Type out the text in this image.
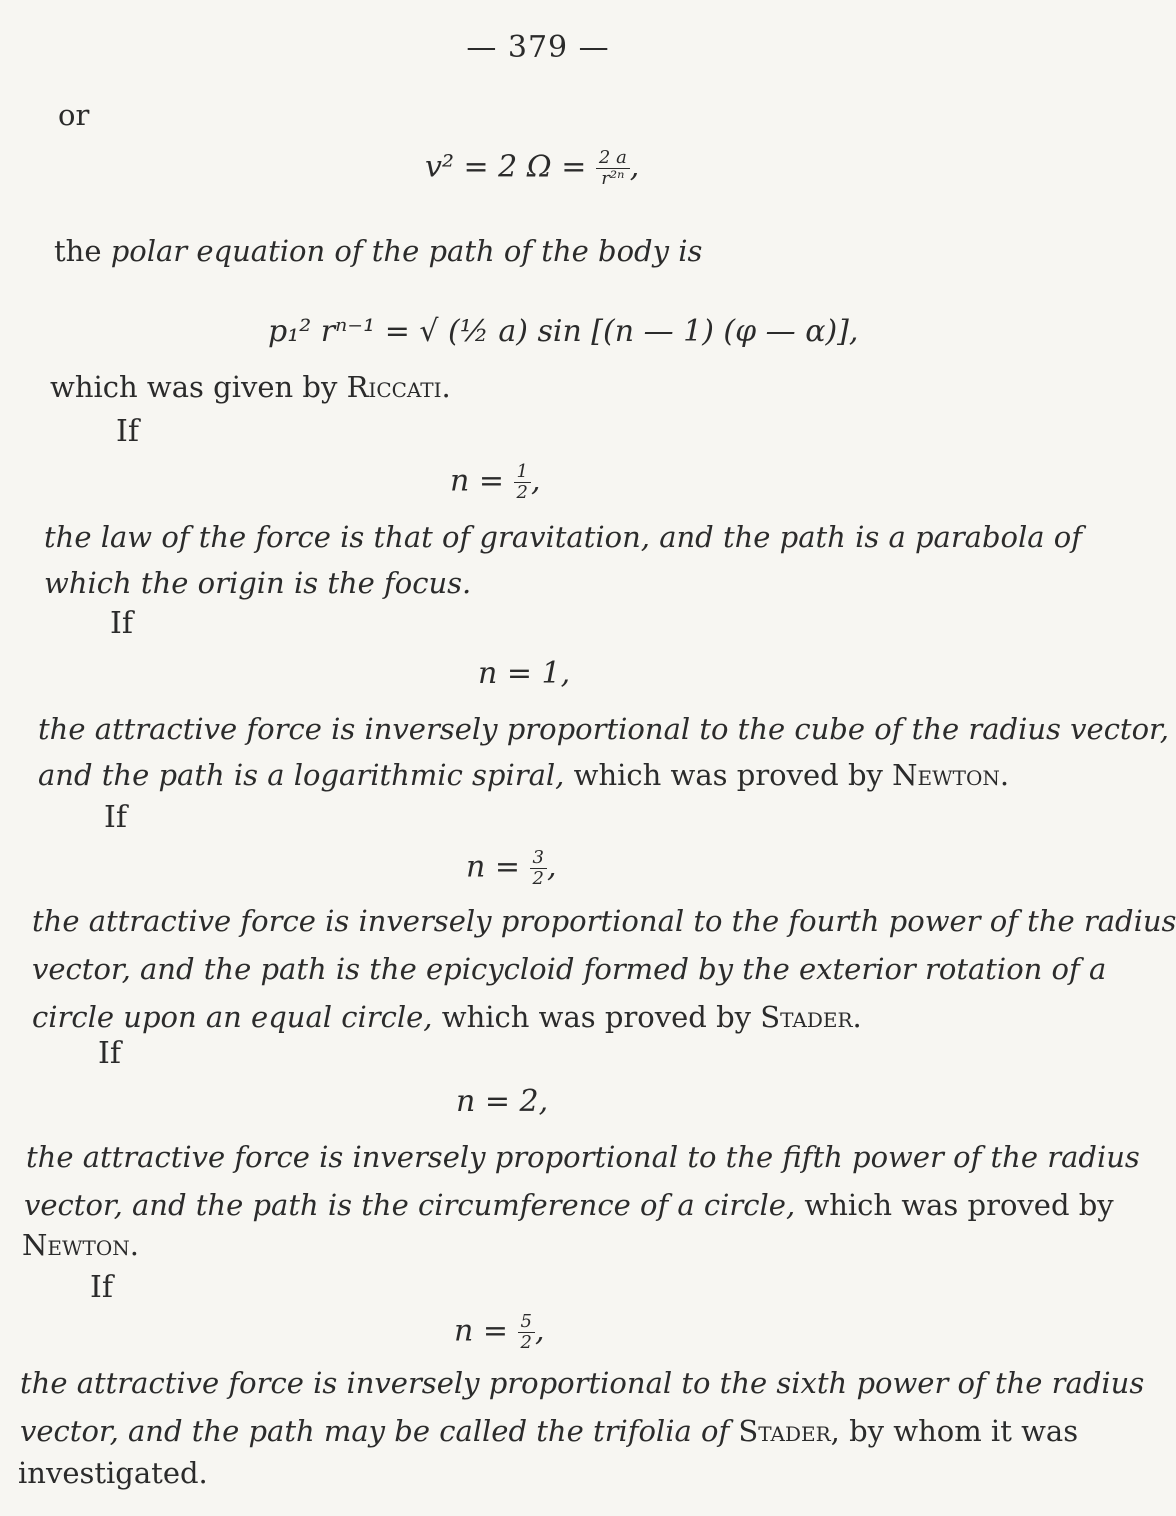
— 379 —
or
v² = 2 $\Omega = \frac{2 a}{\text{r²ⁿ}}$ ,
the polar equation of the path of the body is
p₁² rⁿ⁻¹ = √ (½ a) sin [(n — 1) (φ — α)],
which was given by Riccati.
If
$n = \frac{1}{2}$ ,
the law of the force is that of gravitation, and the path is a parabola of
which the origin is the focus.
If
n = 1,
the attractive force is inversely proportional to the cube of the radius vector,
and the path is a logarithmic spiral, which was proved by Newton.
If
$n = \frac{3}{2}$ ,
the attractive force is inversely proportional to the fourth power of the radius
vector, and the path is the epicycloid formed by the exterior rotation of a
circle upon an equal circle, which was proved by Stader.
If
n = 2,
the attractive force is inversely proportional to the fifth power of the radius
vector, and the path is the circumference of a circle, which was proved by
Newton.
If
$n = \frac{5}{2}$ ,
the attractive force is inversely proportional to the sixth power of the radius
vector, and the path may be called the trifolia of Stader, by whom it was
investigated.
